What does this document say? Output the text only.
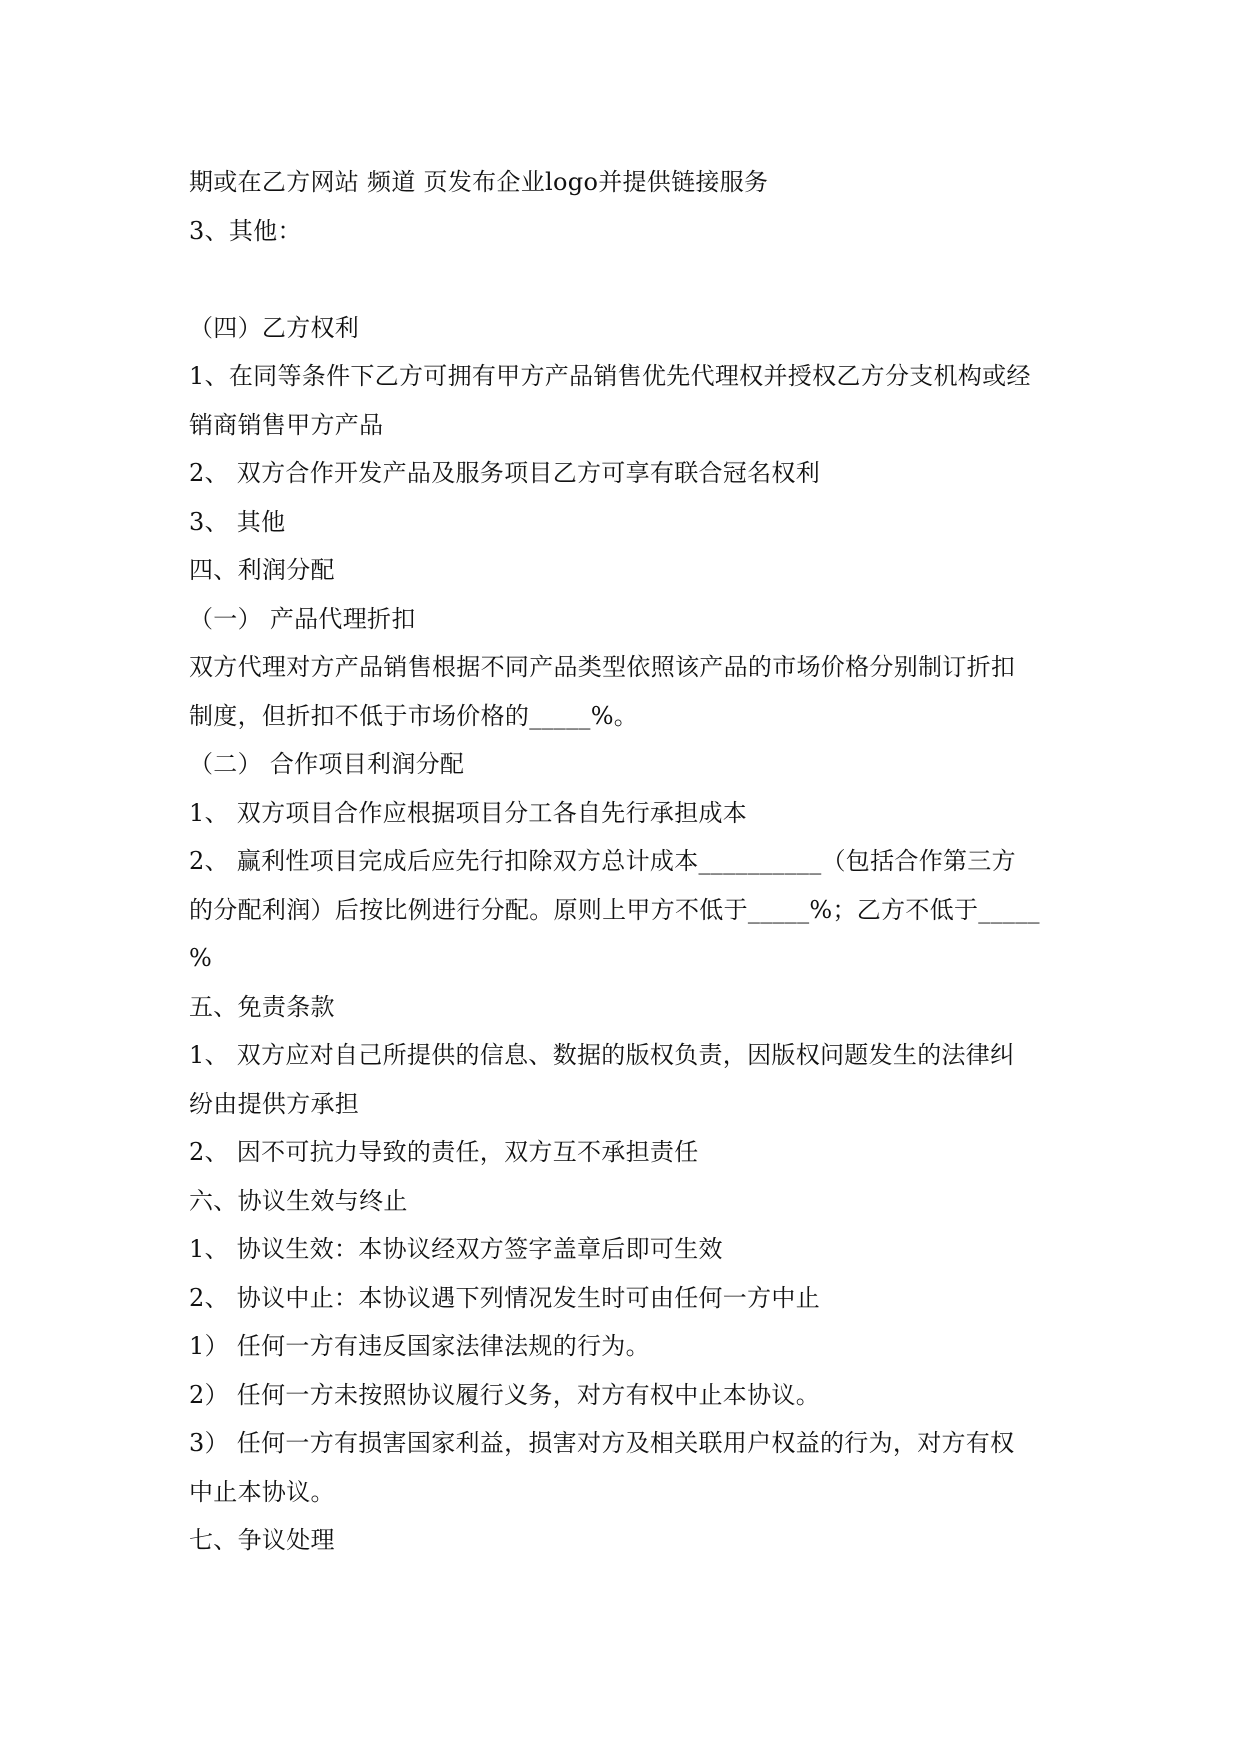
期或在乙方网站 频道 页发布企业logo并提供链接服务
3、其他：
（四）乙方权利
1、在同等条件下乙方可拥有甲方产品销售优先代理权并授权乙方分支机构或经
销商销售甲方产品
2、 双方合作开发产品及服务项目乙方可享有联合冠名权利
3、 其他
四、利润分配
（一） 产品代理折扣
双方代理对方产品销售根据不同产品类型依照该产品的市场价格分别制订折扣
制度，但折扣不低于市场价格的_____%。
（二） 合作项目利润分配
1、 双方项目合作应根据项目分工各自先行承担成本
2、 赢利性项目完成后应先行扣除双方总计成本__________（包括合作第三方
的分配利润）后按比例进行分配。原则上甲方不低于_____%；乙方不低于_____
%
五、免责条款
1、 双方应对自己所提供的信息、数据的版权负责，因版权问题发生的法律纠
纷由提供方承担
2、 因不可抗力导致的责任，双方互不承担责任
六、协议生效与终止
1、 协议生效：本协议经双方签字盖章后即可生效
2、 协议中止：本协议遇下列情况发生时可由任何一方中止
1） 任何一方有违反国家法律法规的行为。
2） 任何一方未按照协议履行义务，对方有权中止本协议。
3） 任何一方有损害国家利益，损害对方及相关联用户权益的行为，对方有权
中止本协议。
七、争议处理
